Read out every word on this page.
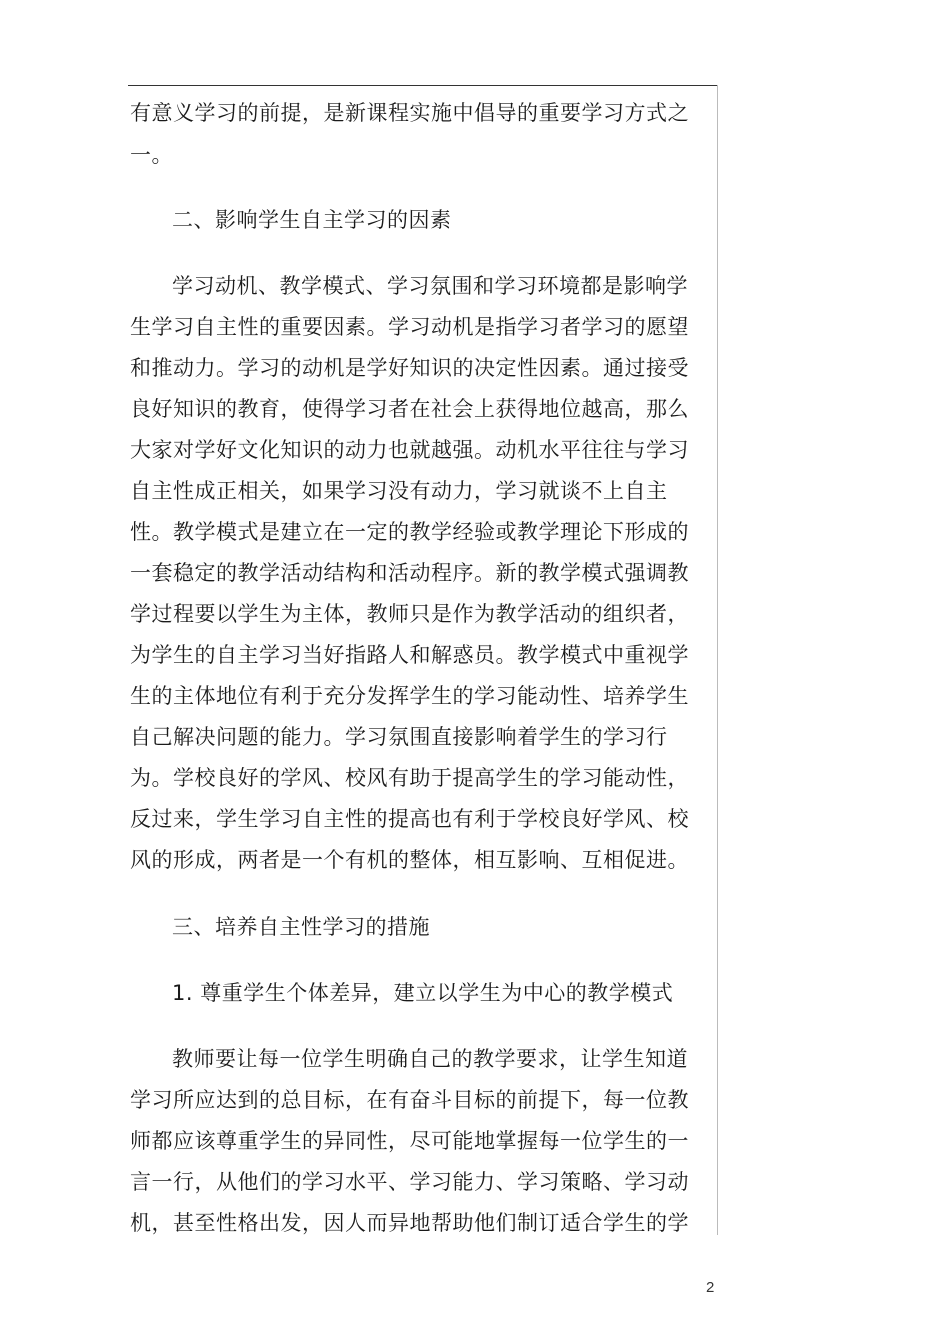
有意义学习的前提，是新课程实施中倡导的重要学习方式之
一。
二、影响学生自主学习的因素
学习动机、教学模式、学习氛围和学习环境都是影响学
生学习自主性的重要因素。学习动机是指学习者学习的愿望
和推动力。学习的动机是学好知识的决定性因素。通过接受
良好知识的教育，使得学习者在社会上获得地位越高，那么
大家对学好文化知识的动力也就越强。动机水平往往与学习
自主性成正相关，如果学习没有动力，学习就谈不上自主
性。教学模式是建立在一定的教学经验或教学理论下形成的
一套稳定的教学活动结构和活动程序。新的教学模式强调教
学过程要以学生为主体，教师只是作为教学活动的组织者，
为学生的自主学习当好指路人和解惑员。教学模式中重视学
生的主体地位有利于充分发挥学生的学习能动性、培养学生
自己解决问题的能力。学习氛围直接影响着学生的学习行
为。学校良好的学风、校风有助于提高学生的学习能动性，
反过来，学生学习自主性的提高也有利于学校良好学风、校
风的形成，两者是一个有机的整体，相互影响、互相促进。
三、培养自主性学习的措施
1. 尊重学生个体差异，建立以学生为中心的教学模式
教师要让每一位学生明确自己的教学要求，让学生知道
学习所应达到的总目标，在有奋斗目标的前提下，每一位教
师都应该尊重学生的异同性，尽可能地掌握每一位学生的一
言一行，从他们的学习水平、学习能力、学习策略、学习动
机，甚至性格出发，因人而异地帮助他们制订适合学生的学
2
